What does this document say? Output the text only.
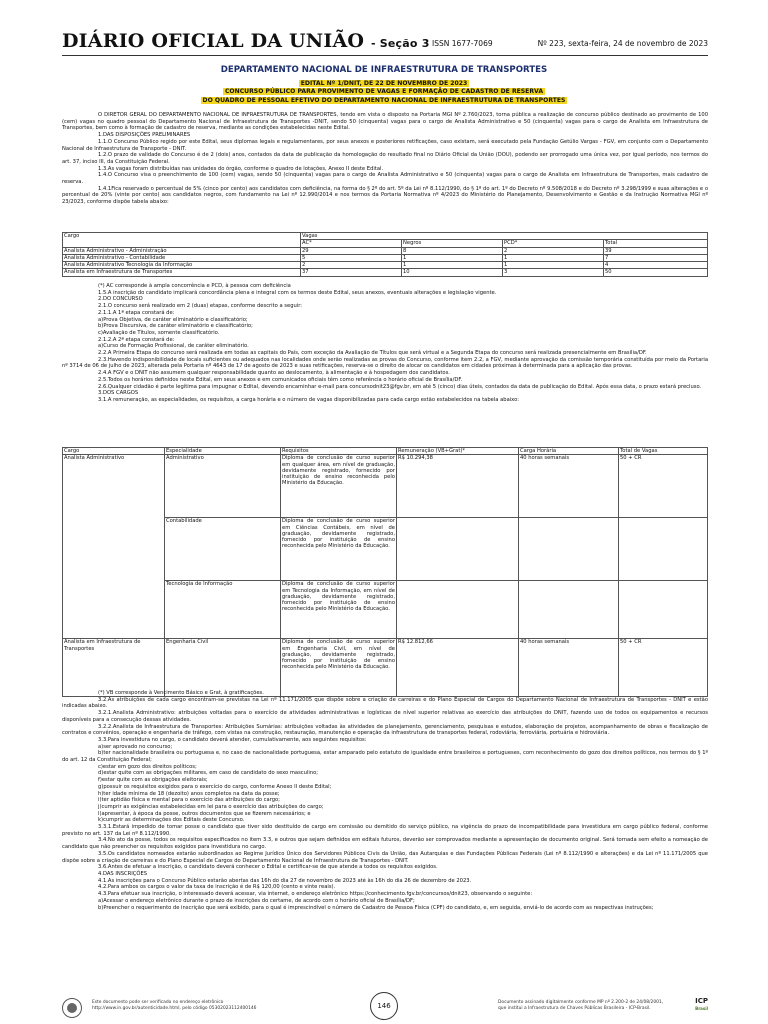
DIÁRIO OFICIAL DA UNIÃO - Seção 3 ISSN 1677-7069	Nº 223, sexta-feira, 24 de novembro de 2023
DEPARTAMENTO NACIONAL DE INFRAESTRUTURA DE TRANSPORTES
EDITAL Nº 1/DNIT, DE 22 DE NOVEMBRO DE 2023
CONCURSO PÚBLICO PARA PROVIMENTO DE VAGAS E FORMAÇÃO DE CADASTRO DE RESERVA
DO QUADRO DE PESSOAL EFETIVO DO DEPARTAMENTO NACIONAL DE INFRAESTRUTURA DE TRANSPORTES

O DIRETOR GERAL DO DEPARTAMENTO NACIONAL DE INFRAESTRUTURA DE TRANSPORTES, tendo em vista o disposto na Portaria MGI Nº 2.760/2023, torna pública a realização de concurso público destinado ao provimento de 100 (cem) vagas no quadro pessoal do Departamento Nacional de Infraestrutura de Transportes -DNIT, sendo 50 (cinquenta) vagas para o cargo de Analista Administrativo e 50 (cinquenta) vagas para o cargo de Analista em Infraestrutura de Transportes, bem como à formação de cadastro de reserva, mediante as condições estabelecidas neste Edital.

1.DAS DISPOSIÇÕES PRELIMINARES

1.1.O Concurso Público regido por este Edital, seus diplomas legais e regulamentares, por seus anexos e posteriores retificações, caso existam, será executado pela Fundação Getúlio Vargas - FGV, em conjunto com o Departamento Nacional de Infraestrutura de Transporte - DNIT.

1.2.O prazo de validade do Concurso é de 2 (dois) anos, contados da data de publicação da homologação do resultado final no Diário Oficial da União (DOU), podendo ser prorrogado uma única vez, por igual período, nos termos do art. 37, inciso III, da Constituição Federal.

1.3.As vagas foram distribuídas nas unidades do órgão, conforme o quadro de lotações, Anexo II deste Edital.

1.4.O Concurso visa o preenchimento de 100 (cem) vagas, sendo 50 (cinquenta) vagas para o cargo de Analista Administrativo e 50 (cinquenta) vagas para o cargo de Analista em Infraestrutura de Transportes, mais cadastro de reserva.

1.4.1Fica reservado o percentual de 5% (cinco por cento) aos candidatos com deficiência, na forma do § 2º do art. 5º da Lei nº 8.112/1990, do § 1º do art. 1º do Decreto nº 9.508/2018 e do Decreto nº 3.298/1999 e suas alterações e o percentual de 20% (vinte por cento) aos candidatos negros, com fundamento na Lei nº 12.990/2014 e nos termos da Portaria Normativa nº 4/2023 do Ministério do Planejamento, Desenvolvimento e Gestão e da Instrução Normativa MGI nº 23/2023, conforme dispõe tabela abaixo:

Cargo	Vagas			
	AC*	Negros	PCD*	Total
Analista Administrativo - Administração	29	8	2	39
Analista Administrativo - Contabilidade	5	1	1	7
Analista Administrativo Tecnologia da Informação	2	1	1	4
Analista em Infraestrutura de Transportes	37	10	3	50

(*) AC corresponde à ampla concorrência e PCD, à pessoa com deficiência

1.5.A inscrição do candidato implicará concordância plena e integral com os termos deste Edital, seus anexos, eventuais alterações e legislação vigente.

2.DO CONCURSO

2.1.O concurso será realizado em 2 (duas) etapas, conforme descrito a seguir:

2.1.1.A 1ª etapa constará de:

a)Prova Objetiva, de caráter eliminatório e classificatório;

b)Prova Discursiva, de caráter eliminatório e classificatório;

c)Avaliação de Títulos, somente classificatório.

2.1.2.A 2ª etapa constará de:

a)Curso de Formação Profissional, de caráter eliminatório.

2.2.A Primeira Etapa do concurso será realizada em todas as capitais do País, com exceção da Avaliação de Títulos que será virtual e a Segunda Etapa do concurso será realizada presencialmente em Brasília/DF.

2.3.Havendo indisponibilidade de locais suficientes ou adequados nas localidades onde serão realizadas as provas do Concurso, conforme item 2.2, a FGV, mediante aprovação da comissão temporária constituída por meio da Portaria nº 3714 de 06 de julho de 2023, alterada pela Portaria nº 4643 de 17 de agosto de 2023 e suas retificações, reserva-se o direito de alocar os candidatos em cidades próximas à determinada para a aplicação das provas.

2.4.A FGV e o DNIT não assumem qualquer responsabilidade quanto ao deslocamento, à alimentação e à hospedagem dos candidatos.

2.5.Todos os horários definidos neste Edital, em seus anexos e em comunicados oficiais têm como referência o horário oficial de Brasília/DF.

2.6.Qualquer cidadão é parte legítima para impugnar o Edital, devendo encaminhar e-mail para concursodnit23@fgv.br, em até 5 (cinco) dias úteis, contados da data de publicação do Edital. Após essa data, o prazo estará precluso.

3.DOS CARGOS

3.1.A remuneração, as especialidades, os requisitos, a carga horária e o número de vagas disponibilizadas para cada cargo estão estabelecidos na tabela abaixo:

Cargo	Especialidade	Requisitos	Remuneração (VB+Grat)*	Carga Horária	Total de Vagas
Analista Administrativo	Administrativo	Diploma de conclusão de curso superior em qualquer área, em nível de graduação, devidamente registrado, fornecido por instituição de ensino reconhecida pelo Ministério da Educação.	R$ 10.294,38	40 horas semanais	50 + CR
	Contabilidade	Diploma de conclusão de curso superior em Ciências Contábeis, em nível de graduação, devidamente registrado, fornecido por instituição de ensino reconhecida pelo Ministério da Educação.			
	Tecnologia de Informação	Diploma de conclusão de curso superior em Tecnologia da Informação, em nível de graduação, devidamente registrado, fornecido por instituição de ensino reconhecida pelo Ministério da Educação.			
Analista em Infraestrutura de Transportes	Engenharia Civil	Diploma de conclusão de curso superior em Engenharia Civil, em nível de graduação, devidamente registrado, fornecido por instituição de ensino reconhecida pelo Ministério da Educação.	R$ 12.812,66	40 horas semanais	50 + CR

(*) VB corresponde à Vencimento Básico e Grat, à gratificações.

3.2.As atribuições de cada cargo encontram-se previstas na Lei nº 11.171/2005 que dispõe sobre a criação de carreiras e do Plano Especial de Cargos do Departamento Nacional de Infraestrutura de Transportes - DNIT e estão indicadas abaixo.

3.2.1.Analista Administrativo: atribuições voltadas para o exercício de atividades administrativas e logísticas de nível superior relativas ao exercício das atribuições do DNIT, fazendo uso de todos os equipamentos e recursos disponíveis para a consecução dessas atividades.

3.2.2.Analista de Infraestrutura de Transportes: Atribuições Sumárias: atribuições voltadas às atividades de planejamento, gerenciamento, pesquisas e estudos, elaboração de projetos, acompanhamento de obras e fiscalização de contratos e convênios, operação e engenharia de tráfego, com vistas na construção, restauração, manutenção e operação da infraestrutura de transportes federal, rodoviária, ferroviária, portuária e hidroviária.

3.3.Para investidura no cargo, o candidato deverá atender, cumulativamente, aos seguintes requisitos:

a)ser aprovado no concurso;

b)ter nacionalidade brasileira ou portuguesa e, no caso de nacionalidade portuguesa, estar amparado pelo estatuto de igualdade entre brasileiros e portugueses, com reconhecimento do gozo dos direitos políticos, nos termos do § 1º do art. 12 da Constituição Federal;

c)estar em gozo dos direitos políticos;

d)estar quite com as obrigações militares, em caso de candidato do sexo masculino;

f)estar quite com as obrigações eleitorais;

g)possuir os requisitos exigidos para o exercício do cargo, conforme Anexo II deste Edital;

h)ter idade mínima de 18 (dezoito) anos completos na data da posse;

i)ter aptidão física e mental para o exercício das atribuições do cargo;

j)cumprir as exigências estabelecidas em lei para o exercício das atribuições do cargo;

l)apresentar, à época da posse, outros documentos que se fizerem necessários; e

k)cumprir as determinações dos Editais deste Concurso.

3.3.1.Estará impedido de tomar posse o candidato que tiver sido destituído de cargo em comissão ou demitido do serviço público, na vigência do prazo de incompatibilidade para investidura em cargo público federal, conforme previsto no art. 137 da Lei nº 8.112/1990.

3.4.No ato da posse, todos os requisitos especificados no item 3.3, e outros que sejam definidos em editais futuros, deverão ser comprovados mediante a apresentação de documento original. Será tornada sem efeito a nomeação de candidato que não preencher os requisitos exigidos para investidura no cargo.

3.5.Os candidatos nomeados estarão subordinados ao Regime Jurídico Único dos Servidores Públicos Civis da União, das Autarquias e das Fundações Públicas Federais (Lei nº 8.112/1990 e alterações) e da Lei nº 11.171/2005 que dispõe sobre a criação de carreiras e do Plano Especial de Cargos do Departamento Nacional de Infraestrutura de Transportes - DNIT.

3.6.Antes de efetuar a inscrição, o candidato deverá conhecer o Edital e certificar-se de que atende a todos os requisitos exigidos.

4.DAS INSCRIÇÕES

4.1.As inscrições para o Concurso Público estarão abertas das 16h do dia 27 de novembro de 2023 até às 16h do dia 26 de dezembro de 2023.

4.2.Para ambos os cargos o valor da taxa de inscrição é de R$ 120,00 (cento e vinte reais).

4.3.Para efetuar sua inscrição, o interessado deverá acessar, via internet, o endereço eletrônico https://conhecimento.fgv.br/concursos/dnit23, observando o seguinte:

a)Acessar o endereço eletrônico durante o prazo de inscrições do certame, de acordo com o horário oficial de Brasília/DF;

b)Preencher o requerimento de inscrição que será exibido, para o qual é imprescindível o número de Cadastro de Pessoa Física (CPF) do candidato, e, em seguida, enviá-lo de acordo com as respectivas instruções;

Este documento pode ser verificado no endereço eletrônico
http://www.in.gov.br/autenticidade.html, pelo código 05302023112400146	146	Documento assinado digitalmente conforme MP nº 2.200-2 de 24/08/2001,
que institui a Infraestrutura de Chaves Públicas Brasileira - ICP-Brasil.
ICP
Brasil
